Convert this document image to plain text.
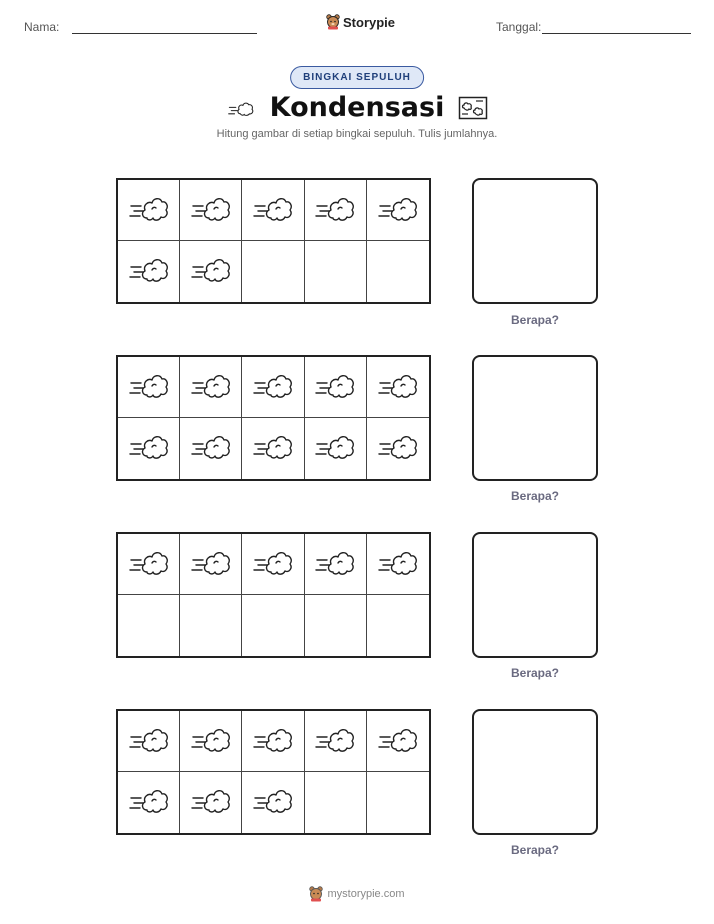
Nama:	Storypie	Tanggal:
BINGKAI SEPULUH
Kondensasi
Hitung gambar di setiap bingkai sepuluh. Tulis jumlahnya.
Berapa?
Berapa?
Berapa?
Berapa?
mystorypie.com
